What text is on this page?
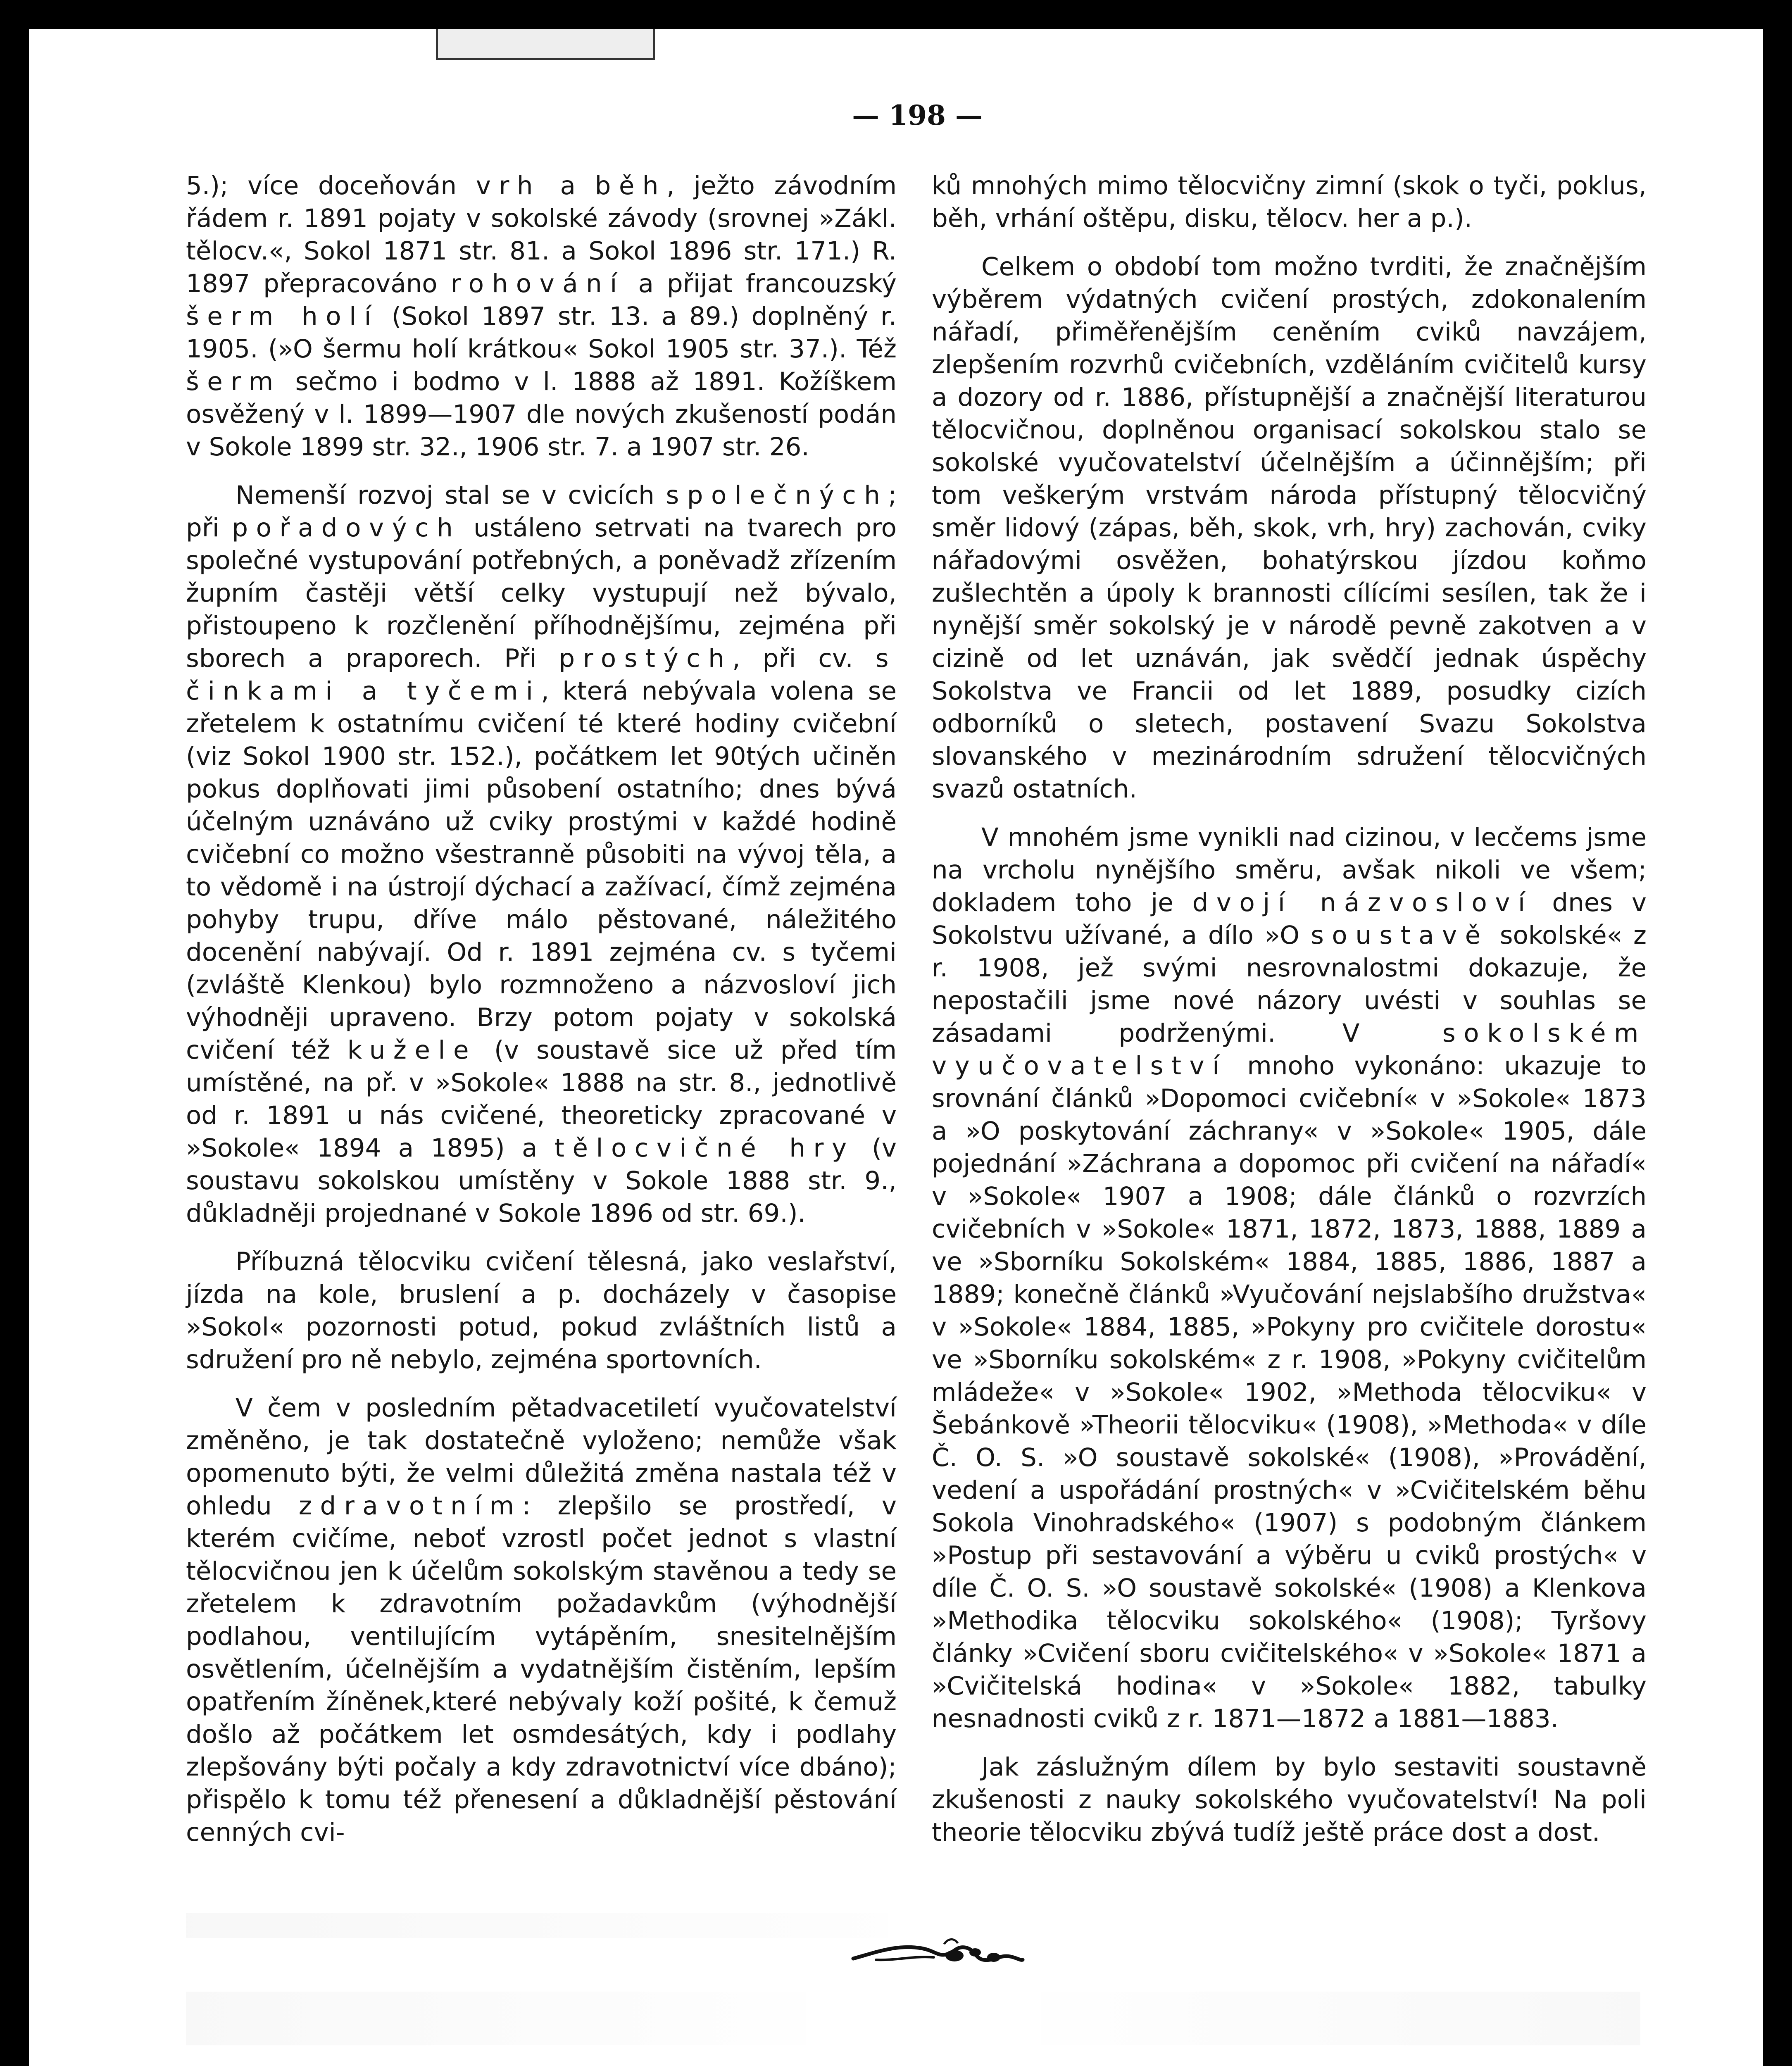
— 198 —

5.); více doceňován vrh a běh, ježto závodním řádem r. 1891 pojaty v sokolské závody (srovnej »Zákl. tělocv.«, Sokol 1871 str. 81. a Sokol 1896 str. 171.) R. 1897 přepracováno rohování a přijat francouzský šerm holí (Sokol 1897 str. 13. a 89.) doplněný r. 1905. (»O šermu holí krátkou« Sokol 1905 str. 37.). Též šerm sečmo i bodmo v l. 1888 až 1891. Kožíškem osvěžený v l. 1899—1907 dle nových zkušeností podán v Sokole 1899 str. 32., 1906 str. 7. a 1907 str. 26.

Nemenší rozvoj stal se v cvicích společných; při pořadových ustáleno setrvati na tvarech pro společné vystupování potřebných, a poněvadž zřízením župním častěji větší celky vystupují než bývalo, přistoupeno k rozčlenění příhodnějšímu, zejména při sborech a praporech. Při prostých, při cv. s činkami a tyčemi, která nebývala volena se zřetelem k ostatnímu cvičení té které hodiny cvičební (viz Sokol 1900 str. 152.), počátkem let 90tých učiněn pokus doplňovati jimi působení ostatního; dnes bývá účelným uznáváno už cviky prostými v každé hodině cvičební co možno všestranně působiti na vývoj těla, a to vědomě i na ústrojí dýchací a zažívací, čímž zejména pohyby trupu, dříve málo pěstované, náležitého docenění nabývají. Od r. 1891 zejména cv. s tyčemi (zvláště Klenkou) bylo rozmnoženo a názvosloví jich výhodněji upraveno. Brzy potom pojaty v sokolská cvičení též kužele (v soustavě sice už před tím umístěné, na př. v »Sokole« 1888 na str. 8., jednotlivě od r. 1891 u nás cvičené, theoreticky zpracované v »Sokole« 1894 a 1895) a tělocvičné hry (v soustavu sokolskou umístěny v Sokole 1888 str. 9., důkladněji projednané v Sokole 1896 od str. 69.).

Příbuzná tělocviku cvičení tělesná, jako veslařství, jízda na kole, bruslení a p. docházely v časopise »Sokol« pozornosti potud, pokud zvláštních listů a sdružení pro ně nebylo, zejména sportovních.

V čem v posledním pětadvacetiletí vyučovatelství změněno, je tak dostatečně vyloženo; nemůže však opomenuto býti, že velmi důležitá změna nastala též v ohledu zdravotním: zlepšilo se prostředí, v kterém cvičíme, neboť vzrostl počet jednot s vlastní tělocvičnou jen k účelům sokolským stavěnou a tedy se zřetelem k zdravotním požadavkům (výhodnější podlahou, ventilujícím vytápěním, snesitelnějším osvětlením, účelnějším a vydatnějším čistěním, lepším opatřením žíněnek,které nebývaly koží pošité, k čemuž došlo až počátkem let osmdesátých, kdy i podlahy zlepšovány býti počaly a kdy zdravotnictví více dbáno); přispělo k tomu též přenesení a důkladnější pěstování cenných cvi-

ků mnohých mimo tělocvičny zimní (skok o tyči, poklus, běh, vrhání oštěpu, disku, tělocv. her a p.).

Celkem o období tom možno tvrditi, že značnějším výběrem výdatných cvičení prostých, zdokonalením nářadí, přiměřenějším ceněním cviků navzájem, zlepšením rozvrhů cvičebních, vzděláním cvičitelů kursy a dozory od r. 1886, přístupnější a značnější literaturou tělocvičnou, doplněnou organisací sokolskou stalo se sokolské vyučovatelství účelnějším a účinnějším; při tom veškerým vrstvám národa přístupný tělocvičný směr lidový (zápas, běh, skok, vrh, hry) zachován, cviky nářadovými osvěžen, bohatýrskou jízdou koňmo zušlechtěn a úpoly k brannosti cílícími sesílen, tak že i nynější směr sokolský je v národě pevně zakotven a v cizině od let uznáván, jak svědčí jednak úspěchy Sokolstva ve Francii od let 1889, posudky cizích odborníků o sletech, postavení Svazu Sokolstva slovanského v mezinárodním sdružení tělocvičných svazů ostatních.

V mnohém jsme vynikli nad cizinou, v lecčems jsme na vrcholu nynějšího směru, avšak nikoli ve všem; dokladem toho je dvojí názvosloví dnes v Sokolstvu užívané, a dílo »O soustavě sokolské« z r. 1908, jež svými nesrovnalostmi dokazuje, že nepostačili jsme nové názory uvésti v souhlas se zásadami podrženými. V sokolském vyučovatelství mnoho vykonáno: ukazuje to srovnání článků »Dopomoci cvičební« v »Sokole« 1873 a »O poskytování záchrany« v »Sokole« 1905, dále pojednání »Záchrana a dopomoc při cvičení na nářadí« v »Sokole« 1907 a 1908; dále článků o rozvrzích cvičebních v »Sokole« 1871, 1872, 1873, 1888, 1889 a ve »Sborníku Sokolském« 1884, 1885, 1886, 1887 a 1889; konečně článků »Vyučování nejslabšího družstva« v »Sokole« 1884, 1885, »Pokyny pro cvičitele dorostu« ve »Sborníku sokolském« z r. 1908, »Pokyny cvičitelům mládeže« v »Sokole« 1902, »Methoda tělocviku« v Šebánkově »Theorii tělocviku« (1908), »Methoda« v díle Č. O. S. »O soustavě sokolské« (1908), »Provádění, vedení a uspořádání prostných« v »Cvičitelském běhu Sokola Vinohradského« (1907) s podobným článkem »Postup při sestavování a výběru u cviků prostých« v díle Č. O. S. »O soustavě sokolské« (1908) a Klenkova »Methodika tělocviku sokolského« (1908); Tyršovy články »Cvičení sboru cvičitelského« v »Sokole« 1871 a »Cvičitelská hodina« v »Sokole« 1882, tabulky nesnadnosti cviků z r. 1871—1872 a 1881—1883.

Jak záslužným dílem by bylo sestaviti soustavně zkušenosti z nauky sokolského vyučovatelství! Na poli theorie tělocviku zbývá tudíž ještě práce dost a dost.
